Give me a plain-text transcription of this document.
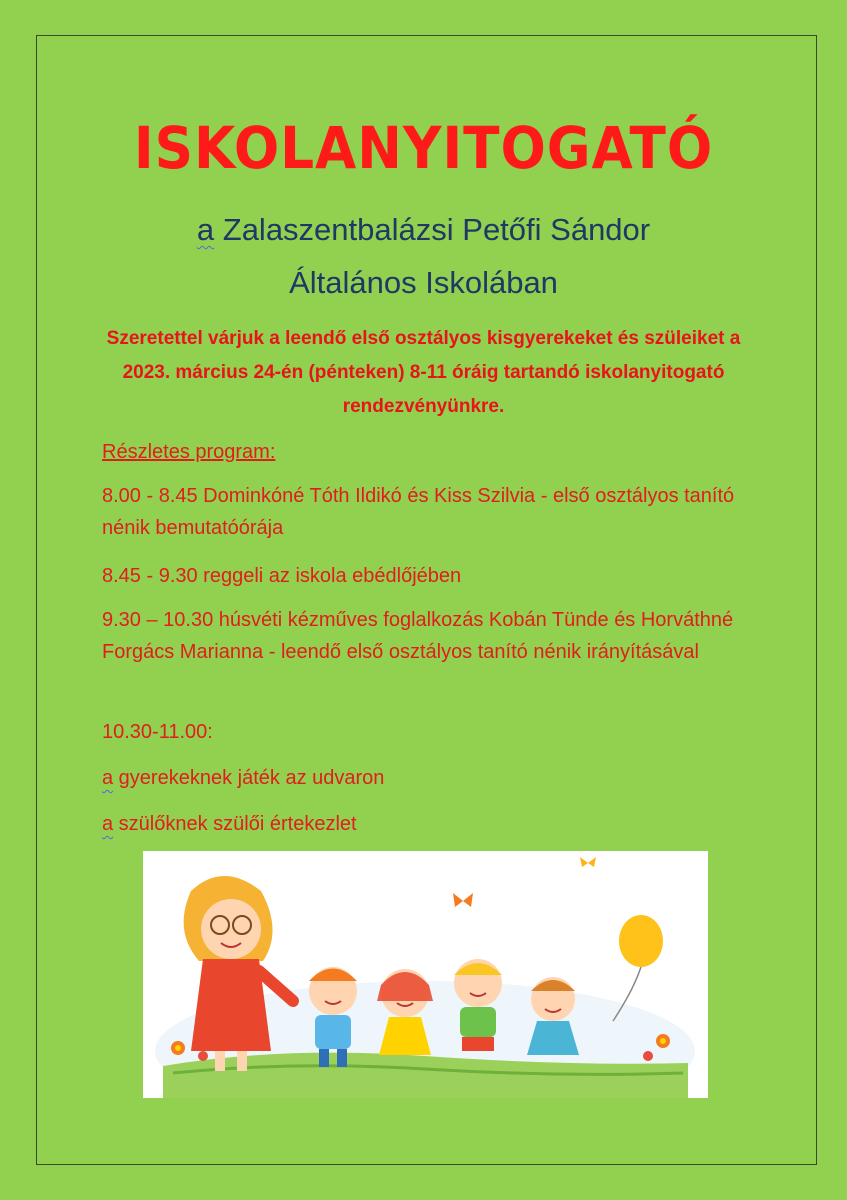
ISKOLANYITOGATÓ

a Zalaszentbalázsi Petőfi Sándor

Általános Iskolában

Szeretettel várjuk a leendő első osztályos kisgyerekeket és szüleiket a 2023. március 24-én (pénteken) 8-11 óráig tartandó iskolanyitogató rendezvényünkre.

Részletes program:

8.00 - 8.45 Dominkóné Tóth Ildikó és Kiss Szilvia - első osztályos tanító nénik bemutatóórája

8.45 - 9.30 reggeli az iskola ebédlőjében

9.30 – 10.30 húsvéti kézműves foglalkozás Kobán Tünde és Horváthné Forgács Marianna - leendő első osztályos tanító nénik irányításával

10.30-11.00:

a gyerekeknek játék az udvaron

a szülőknek szülői értekezlet
